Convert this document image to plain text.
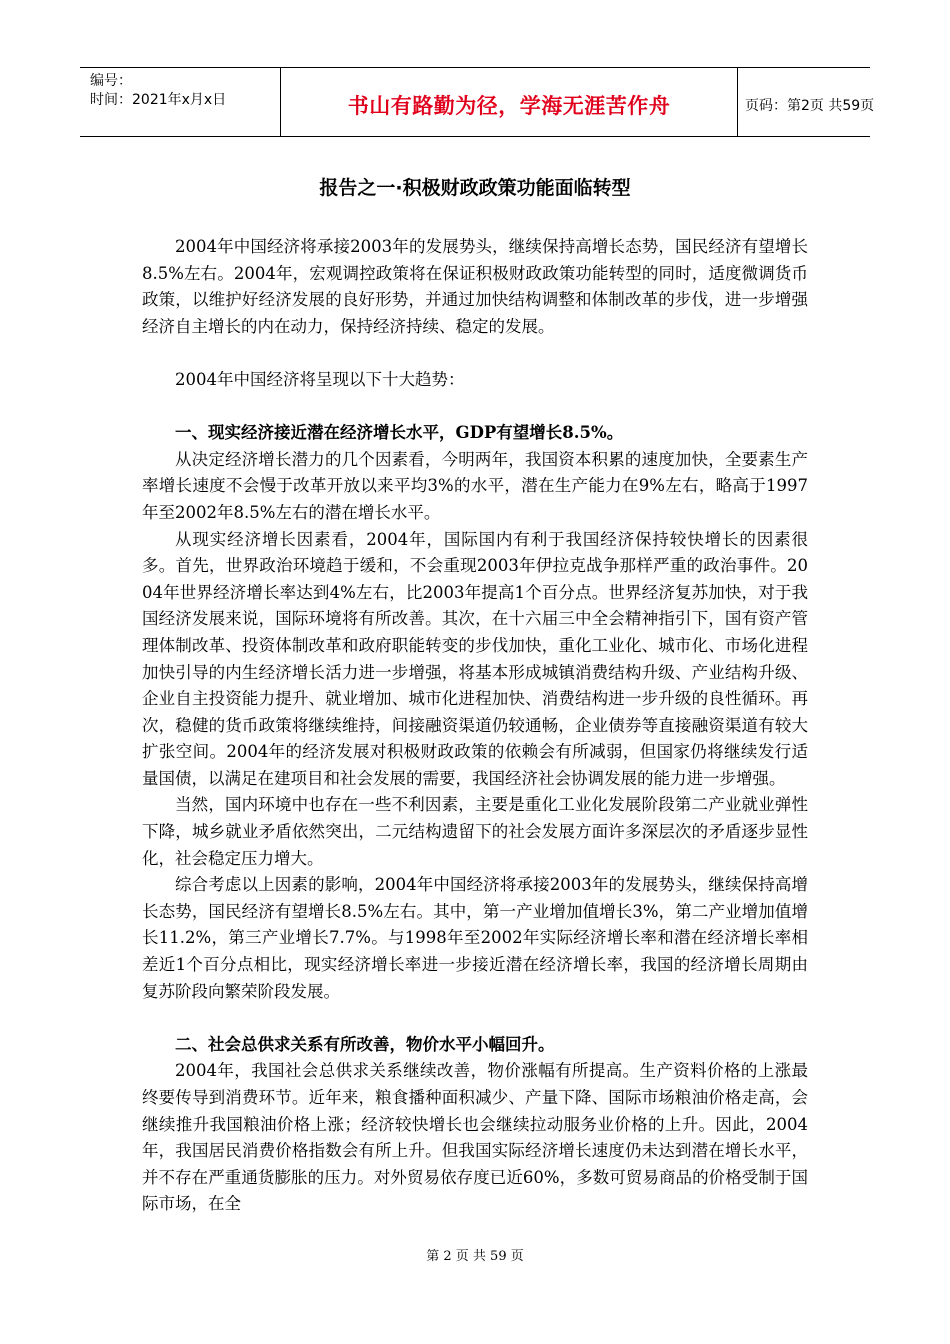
编号：
时间：2021年x月x日	书山有路勤为径，学海无涯苦作舟	页码：第2页 共59页
报告之一·积极财政政策功能面临转型

2004年中国经济将承接2003年的发展势头，继续保持高增长态势，国民经济有望增长8.5%左右。2004年，宏观调控政策将在保证积极财政政策功能转型的同时，适度微调货币政策，以维护好经济发展的良好形势，并通过加快结构调整和体制改革的步伐，进一步增强经济自主增长的内在动力，保持经济持续、稳定的发展。

2004年中国经济将呈现以下十大趋势：

一、现实经济接近潜在经济增长水平，GDP有望增长8.5%。

从决定经济增长潜力的几个因素看，今明两年，我国资本积累的速度加快，全要素生产率增长速度不会慢于改革开放以来平均3%的水平，潜在生产能力在9%左右，略高于1997年至2002年8.5%左右的潜在增长水平。

从现实经济增长因素看，2004年，国际国内有利于我国经济保持较快增长的因素很多。首先，世界政治环境趋于缓和，不会重现2003年伊拉克战争那样严重的政治事件。2004年世界经济增长率达到4%左右，比2003年提高1个百分点。世界经济复苏加快，对于我国经济发展来说，国际环境将有所改善。其次，在十六届三中全会精神指引下，国有资产管理体制改革、投资体制改革和政府职能转变的步伐加快，重化工业化、城市化、市场化进程加快引导的内生经济增长活力进一步增强，将基本形成城镇消费结构升级、产业结构升级、企业自主投资能力提升、就业增加、城市化进程加快、消费结构进一步升级的良性循环。再次，稳健的货币政策将继续维持，间接融资渠道仍较通畅，企业债券等直接融资渠道有较大扩张空间。2004年的经济发展对积极财政政策的依赖会有所减弱，但国家仍将继续发行适量国债，以满足在建项目和社会发展的需要，我国经济社会协调发展的能力进一步增强。

当然，国内环境中也存在一些不利因素，主要是重化工业化发展阶段第二产业就业弹性下降，城乡就业矛盾依然突出，二元结构遗留下的社会发展方面许多深层次的矛盾逐步显性化，社会稳定压力增大。

综合考虑以上因素的影响，2004年中国经济将承接2003年的发展势头，继续保持高增长态势，国民经济有望增长8.5%左右。其中，第一产业增加值增长3%，第二产业增加值增长11.2%，第三产业增长7.7%。与1998年至2002年实际经济增长率和潜在经济增长率相差近1个百分点相比，现实经济增长率进一步接近潜在经济增长率，我国的经济增长周期由复苏阶段向繁荣阶段发展。

二、社会总供求关系有所改善，物价水平小幅回升。

2004年，我国社会总供求关系继续改善，物价涨幅有所提高。生产资料价格的上涨最终要传导到消费环节。近年来，粮食播种面积减少、产量下降、国际市场粮油价格走高，会继续推升我国粮油价格上涨；经济较快增长也会继续拉动服务业价格的上升。因此，2004年，我国居民消费价格指数会有所上升。但我国实际经济增长速度仍未达到潜在增长水平，并不存在严重通货膨胀的压力。对外贸易依存度已近60%，多数可贸易商品的价格受制于国际市场，在全

第 2 页 共 59 页
